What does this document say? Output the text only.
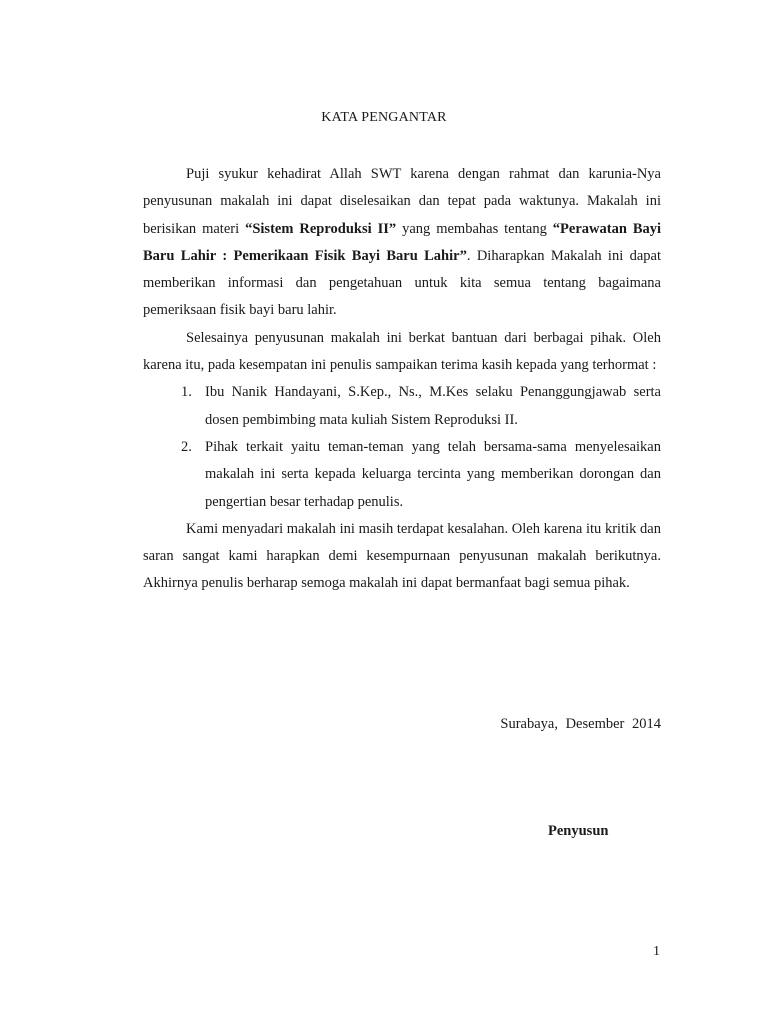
KATA PENGANTAR

Puji syukur kehadirat Allah SWT karena dengan rahmat dan karunia-Nya penyusunan makalah ini dapat diselesaikan dan tepat pada waktunya. Makalah ini berisikan materi “Sistem Reproduksi II” yang membahas tentang “Perawatan Bayi Baru Lahir : Pemerikaan Fisik Bayi Baru Lahir”. Diharapkan Makalah ini dapat memberikan informasi dan pengetahuan untuk kita semua tentang bagaimana pemeriksaan fisik bayi baru lahir.

Selesainya penyusunan makalah ini berkat bantuan dari berbagai pihak. Oleh karena itu, pada kesempatan ini penulis sampaikan terima kasih kepada yang terhormat :

1. Ibu Nanik Handayani, S.Kep., Ns., M.Kes selaku Penanggungjawab serta dosen pembimbing mata kuliah Sistem Reproduksi II.
2. Pihak terkait yaitu teman-teman yang telah bersama-sama menyelesaikan makalah ini serta kepada keluarga tercinta yang memberikan dorongan dan pengertian besar terhadap penulis.

Kami menyadari makalah ini masih terdapat kesalahan. Oleh karena itu kritik dan saran sangat kami harapkan demi kesempurnaan penyusunan makalah berikutnya. Akhirnya penulis berharap semoga makalah ini dapat bermanfaat bagi semua pihak.

Surabaya, Desember 2014
Penyusun
1
